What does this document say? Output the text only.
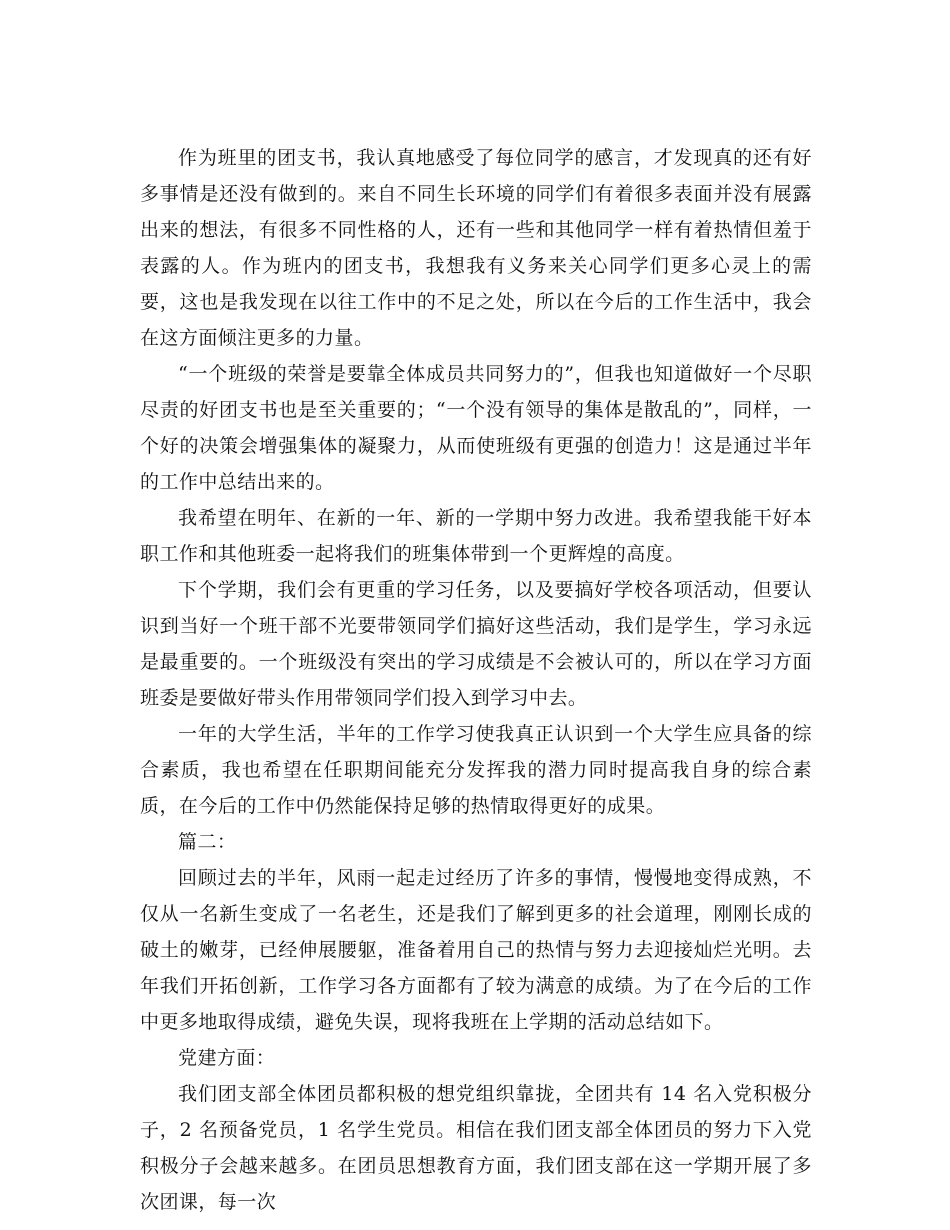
作为班里的团支书，我认真地感受了每位同学的感言，才发现真的还有好多事情是还没有做到的。来自不同生长环境的同学们有着很多表面并没有展露出来的想法，有很多不同性格的人，还有一些和其他同学一样有着热情但羞于表露的人。作为班内的团支书，我想我有义务来关心同学们更多心灵上的需要，这也是我发现在以往工作中的不足之处，所以在今后的工作生活中，我会在这方面倾注更多的力量。

“一个班级的荣誉是要靠全体成员共同努力的”，但我也知道做好一个尽职尽责的好团支书也是至关重要的；“一个没有领导的集体是散乱的”，同样，一个好的决策会增强集体的凝聚力，从而使班级有更强的创造力！这是通过半年的工作中总结出来的。

我希望在明年、在新的一年、新的一学期中努力改进。我希望我能干好本职工作和其他班委一起将我们的班集体带到一个更辉煌的高度。

下个学期，我们会有更重的学习任务，以及要搞好学校各项活动，但要认识到当好一个班干部不光要带领同学们搞好这些活动，我们是学生，学习永远是最重要的。一个班级没有突出的学习成绩是不会被认可的，所以在学习方面班委是要做好带头作用带领同学们投入到学习中去。

一年的大学生活，半年的工作学习使我真正认识到一个大学生应具备的综合素质，我也希望在任职期间能充分发挥我的潜力同时提高我自身的综合素质，在今后的工作中仍然能保持足够的热情取得更好的成果。

篇二：

回顾过去的半年，风雨一起走过经历了许多的事情，慢慢地变得成熟，不仅从一名新生变成了一名老生，还是我们了解到更多的社会道理，刚刚长成的破土的嫩芽，已经伸展腰躯，准备着用自己的热情与努力去迎接灿烂光明。去年我们开拓创新，工作学习各方面都有了较为满意的成绩。为了在今后的工作中更多地取得成绩，避免失误，现将我班在上学期的活动总结如下。

党建方面：

我们团支部全体团员都积极的想党组织靠拢，全团共有 14 名入党积极分子，2 名预备党员，1 名学生党员。相信在我们团支部全体团员的努力下入党积极分子会越来越多。在团员思想教育方面，我们团支部在这一学期开展了多次团课，每一次
